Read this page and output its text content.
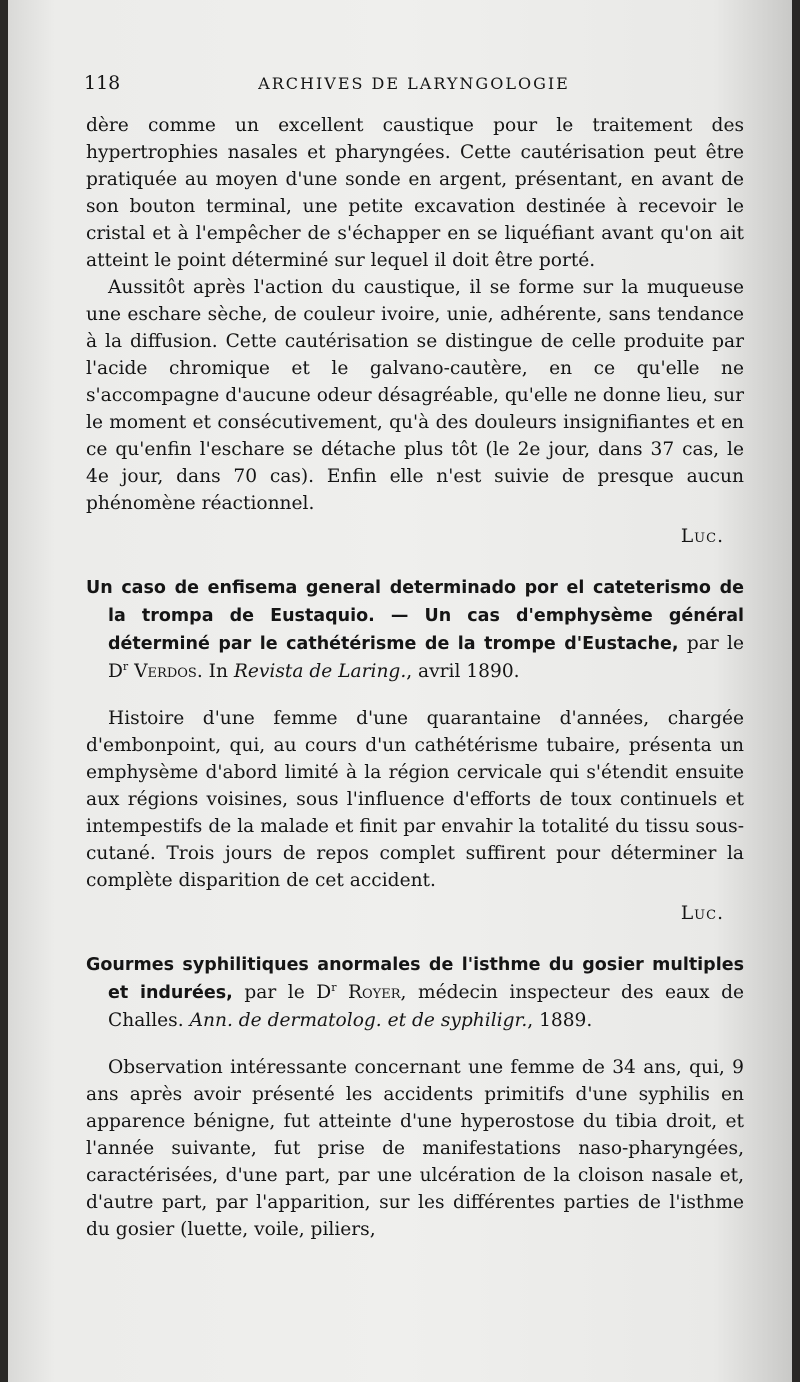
118	ARCHIVES DE LARYNGOLOGIE

dère comme un excellent caustique pour le traitement des hypertrophies nasales et pharyngées. Cette cautérisation peut être pratiquée au moyen d'une sonde en argent, présentant, en avant de son bouton terminal, une petite excavation destinée à recevoir le cristal et à l'empêcher de s'échapper en se liquéfiant avant qu'on ait atteint le point déterminé sur lequel il doit être porté.

Aussitôt après l'action du caustique, il se forme sur la muqueuse une eschare sèche, de couleur ivoire, unie, adhérente, sans tendance à la diffusion. Cette cautérisation se distingue de celle produite par l'acide chromique et le galvano-cautère, en ce qu'elle ne s'accompagne d'aucune odeur désagréable, qu'elle ne donne lieu, sur le moment et consécutivement, qu'à des douleurs insignifiantes et en ce qu'enfin l'eschare se détache plus tôt (le 2e jour, dans 37 cas, le 4e jour, dans 70 cas). Enfin elle n'est suivie de presque aucun phénomène réactionnel.

Luc.

Un caso de enfisema general determinado por el cateterismo de la trompa de Eustaquio. — Un cas d'emphysème général déterminé par le cathétérisme de la trompe d'Eustache, par le $D^r$ Verdos. In Revista de Laring., avril 1890.

Histoire d'une femme d'une quarantaine d'années, chargée d'embonpoint, qui, au cours d'un cathétérisme tubaire, présenta un emphysème d'abord limité à la région cervicale qui s'étendit ensuite aux régions voisines, sous l'influence d'efforts de toux continuels et intempestifs de la malade et finit par envahir la totalité du tissu sous-cutané. Trois jours de repos complet suffirent pour déterminer la complète disparition de cet accident.

Luc.

Gourmes syphilitiques anormales de l'isthme du gosier multiples et indurées, par le $D^r$ Royer, médecin inspecteur des eaux de Challes. Ann. de dermatolog. et de syphiligr., 1889.

Observation intéressante concernant une femme de 34 ans, qui, 9 ans après avoir présenté les accidents primitifs d'une syphilis en apparence bénigne, fut atteinte d'une hyperostose du tibia droit, et l'année suivante, fut prise de manifestations naso-pharyngées, caractérisées, d'une part, par une ulcération de la cloison nasale et, d'autre part, par l'apparition, sur les différentes parties de l'isthme du gosier (luette, voile, piliers,
